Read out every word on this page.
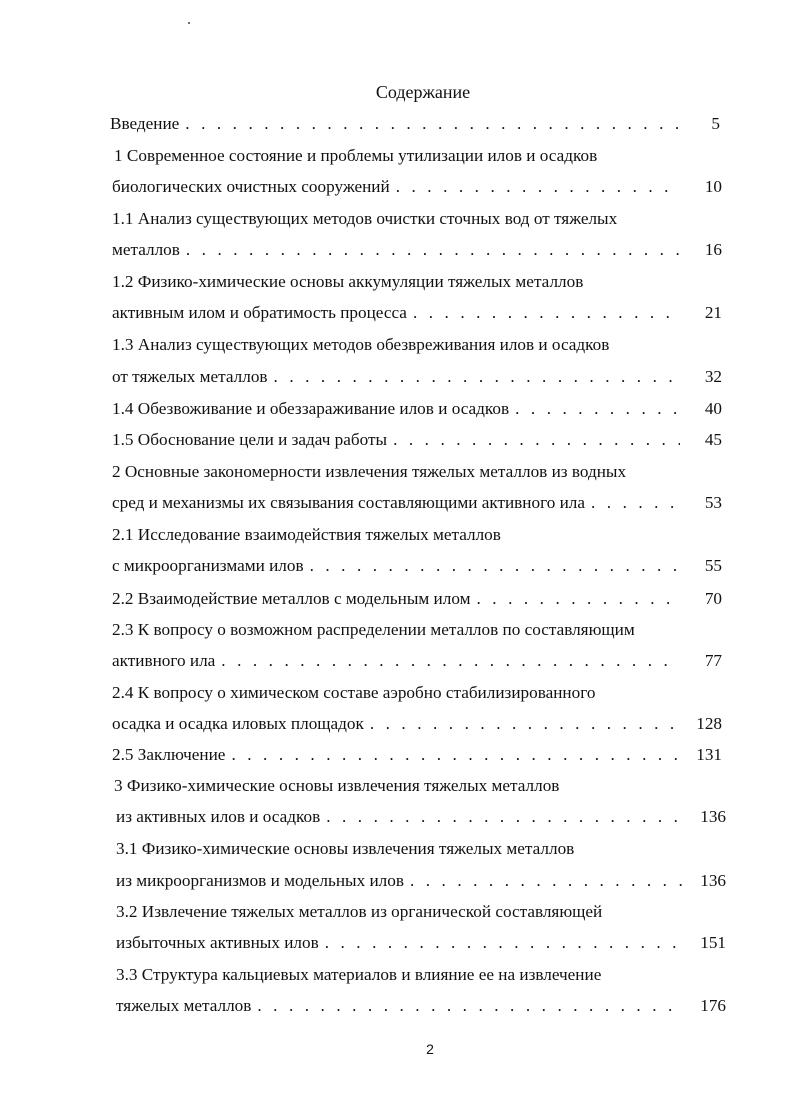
Содержание
Введение . . .	5
1 Современное состояние и проблемы утилизации илов и осадков
биологических очистных сооружений . . .	10
1.1 Анализ существующих методов очистки сточных вод от тяжелых
металлов . . .	16
1.2 Физико-химические основы аккумуляции тяжелых металлов
активным илом и обратимость процесса . . .	21
1.3 Анализ существующих методов обезвреживания илов и осадков
от тяжелых металлов . . .	32
1.4 Обезвоживание и обеззараживание илов и осадков . . .	40
1.5 Обоснование цели и задач работы . . .	45
2 Основные закономерности извлечения тяжелых металлов из водных
сред и механизмы их связывания составляющими активного ила . . .	53
2.1 Исследование взаимодействия тяжелых металлов
с микроорганизмами илов . . .	55
2.2 Взаимодействие металлов с модельным илом . . .	70
2.3 К вопросу о возможном распределении металлов по составляющим
активного ила . . .	77
2.4 К вопросу о химическом составе аэробно стабилизированного
осадка и осадка иловых площадок . . .	128
2.5 Заключение . . .	131
3 Физико-химические основы извлечения тяжелых металлов
из активных илов и осадков . . .	136
3.1 Физико-химические основы извлечения тяжелых металлов
из микроорганизмов и модельных илов . . .	136
3.2 Извлечение тяжелых металлов из органической составляющей
избыточных активных илов . . .	151
3.3 Структура кальциевых материалов и влияние ее на извлечение
тяжелых металлов . . .	176
2
